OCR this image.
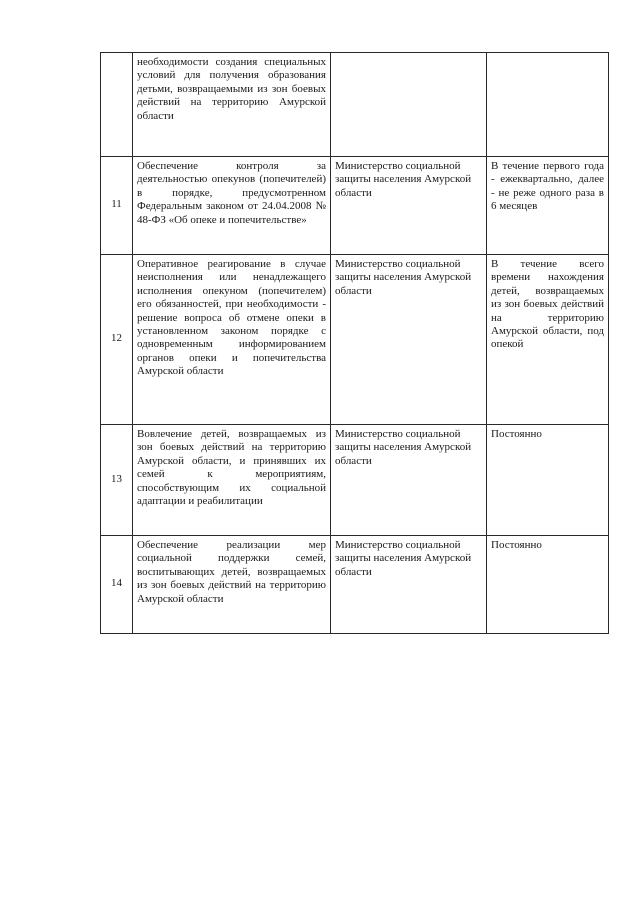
	необходимости создания специальных условий для получения образования детьми, возвращаемыми из зон боевых действий на территорию Амурской области		
11	Обеспечение контроля за деятельностью опекунов (попечителей) в порядке, предусмотренном Федеральным законом от 24.04.2008 № 48-ФЗ «Об опеке и попечительстве»	Министерство социальной защиты населения Амурской области	В течение первого года - ежеквартально, далее - не реже одного раза в 6 месяцев
12	Оперативное реагирование в случае неисполнения или ненадлежащего исполнения опекуном (попечителем) его обязанностей, при необходимости - решение вопроса об отмене опеки в установленном законом порядке с одновременным информированием органов опеки и попечительства Амурской области	Министерство социальной защиты населения Амурской области	В течение всего времени нахождения детей, возвращаемых из зон боевых действий на территорию Амурской области, под опекой
13	Вовлечение детей, возвращаемых из зон боевых действий на территорию Амурской области, и принявших их семей к мероприятиям, способствующим их социальной адаптации и реабилитации	Министерство социальной защиты населения Амурской области	Постоянно
14	Обеспечение реализации мер социальной поддержки семей, воспитывающих детей, возвращаемых из зон боевых действий на территорию Амурской области	Министерство социальной защиты населения Амурской области	Постоянно
